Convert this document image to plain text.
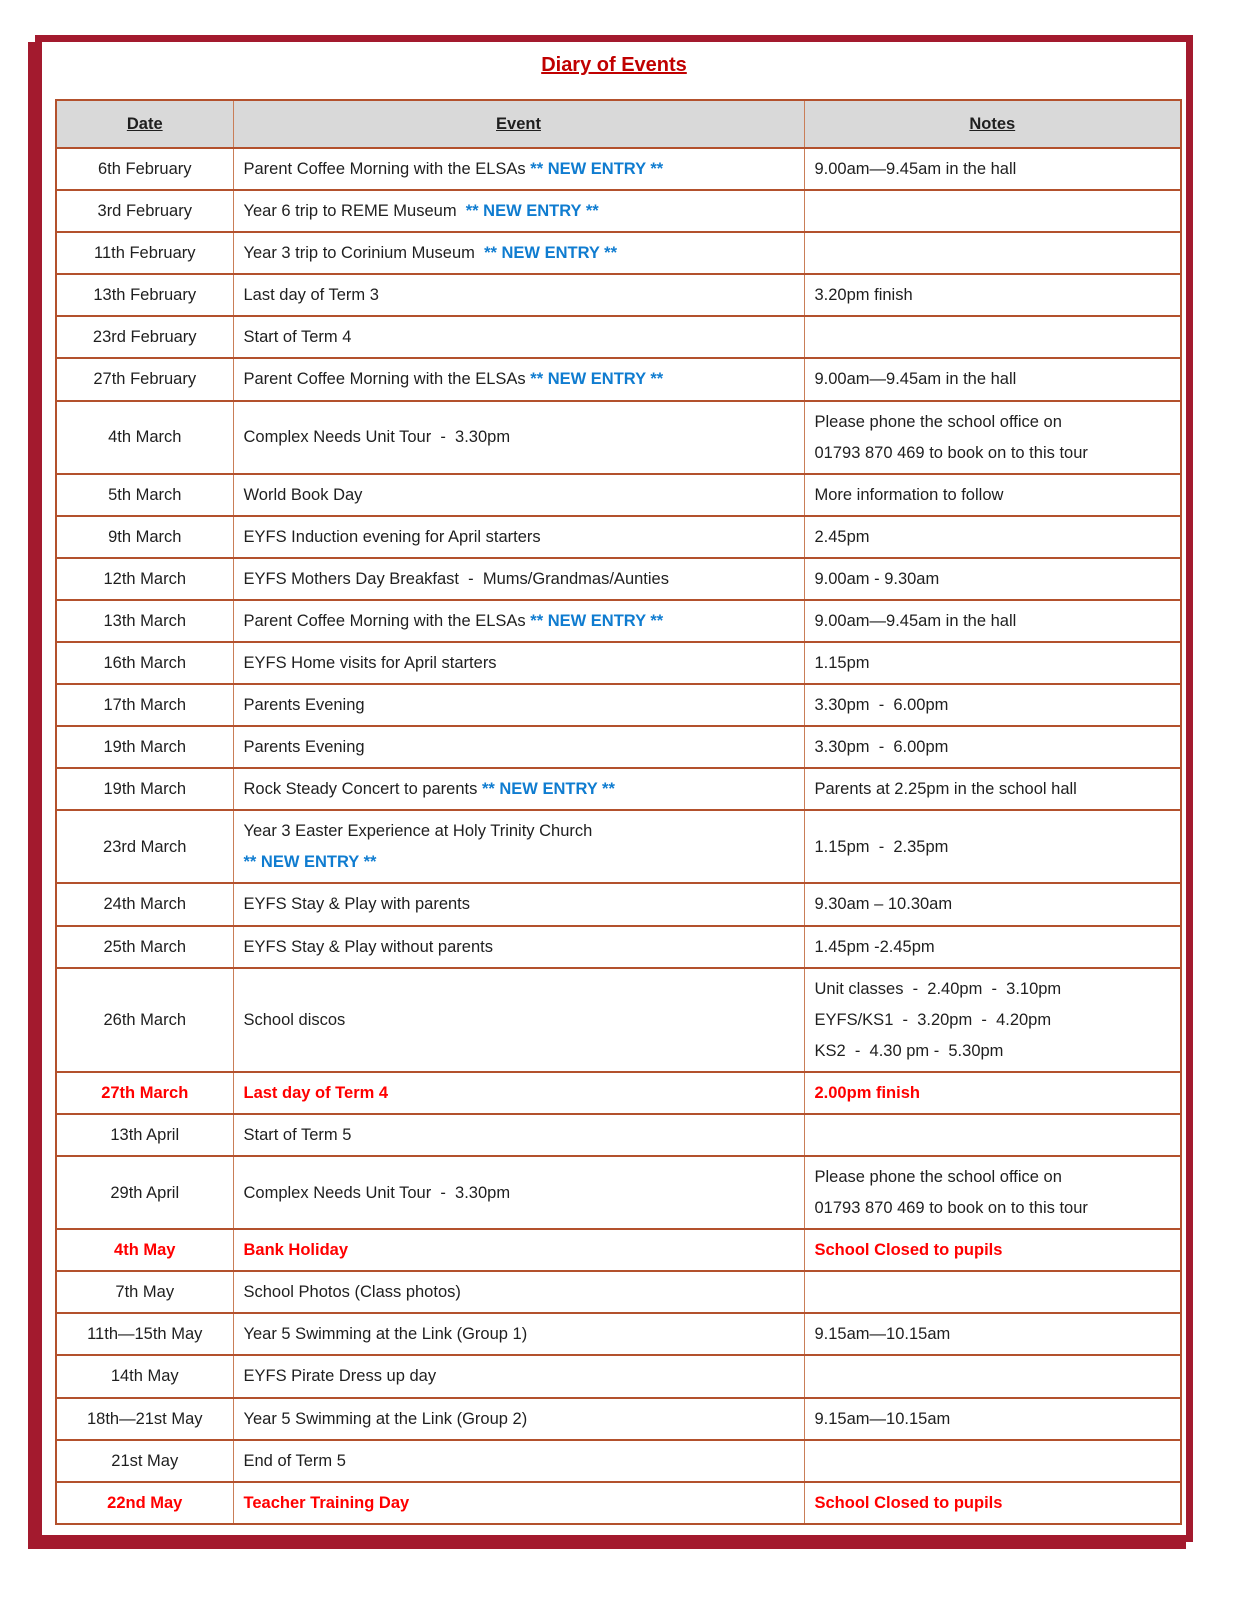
Diary of Events
Date	Event	Notes
6th February	Parent Coffee Morning with the ELSAs ** NEW ENTRY **	9.00am—9.45am in the hall

3rd February	Year 6 trip to REME Museum  ** NEW ENTRY **	

11th February	Year 3 trip to Corinium Museum  ** NEW ENTRY **	

13th February	Last day of Term 3	3.20pm finish

23rd February	Start of Term 4	

27th February	Parent Coffee Morning with the ELSAs ** NEW ENTRY **	9.00am—9.45am in the hall

4th March	Complex Needs Unit Tour  -  3.30pm	Please phone the school office on
01793 870 469 to book on to this tour

5th March	World Book Day	More information to follow

9th March	EYFS Induction evening for April starters	2.45pm

12th March	EYFS Mothers Day Breakfast  -  Mums/Grandmas/Aunties	9.00am - 9.30am

13th March	Parent Coffee Morning with the ELSAs ** NEW ENTRY **	9.00am—9.45am in the hall

16th March	EYFS Home visits for April starters	1.15pm

17th March	Parents Evening	3.30pm  -  6.00pm

19th March	Parents Evening	3.30pm  -  6.00pm

19th March	Rock Steady Concert to parents ** NEW ENTRY **	Parents at 2.25pm in the school hall

23rd March	Year 3 Easter Experience at Holy Trinity Church
** NEW ENTRY **	1.15pm  -  2.35pm

24th March	EYFS Stay & Play with parents	9.30am – 10.30am

25th March	EYFS Stay & Play without parents	1.45pm -2.45pm

26th March	School discos	Unit classes  -  2.40pm  -  3.10pm
EYFS/KS1  -  3.20pm  -  4.20pm
KS2  -  4.30 pm -  5.30pm

27th March	Last day of Term 4	2.00pm finish

13th April	Start of Term 5	

29th April	Complex Needs Unit Tour  -  3.30pm	Please phone the school office on
01793 870 469 to book on to this tour

4th May	Bank Holiday	School Closed to pupils

7th May	School Photos (Class photos)	

11th—15th May	Year 5 Swimming at the Link (Group 1)	9.15am—10.15am

14th May	EYFS Pirate Dress up day	

18th—21st May	Year 5 Swimming at the Link (Group 2)	9.15am—10.15am

21st May	End of Term 5	

22nd May	Teacher Training Day	School Closed to pupils
